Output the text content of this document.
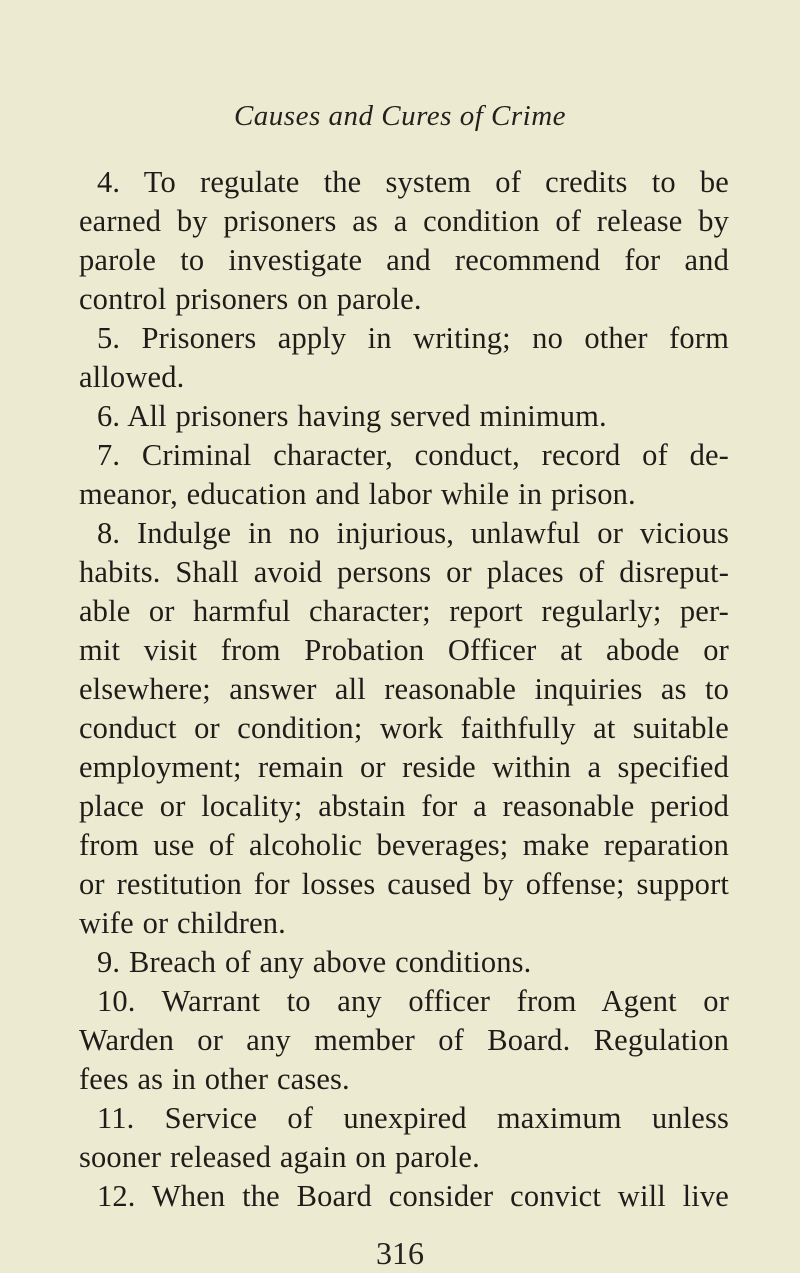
Causes and Cures of Crime
4. To regulate the system of credits to be
earned by prisoners as a condition of release by
parole to investigate and recommend for and
control prisoners on parole.
5. Prisoners apply in writing; no other form
allowed.
6. All prisoners having served minimum.
7. Criminal character, conduct, record of de-
meanor, education and labor while in prison.
8. Indulge in no injurious, unlawful or vicious
habits. Shall avoid persons or places of disreput-
able or harmful character; report regularly; per-
mit visit from Probation Officer at abode or
elsewhere; answer all reasonable inquiries as to
conduct or condition; work faithfully at suitable
employment; remain or reside within a specified
place or locality; abstain for a reasonable period
from use of alcoholic beverages; make reparation
or restitution for losses caused by offense; support
wife or children.
9. Breach of any above conditions.
10. Warrant to any officer from Agent or
Warden or any member of Board. Regulation
fees as in other cases.
11. Service of unexpired maximum unless
sooner released again on parole.
12. When the Board consider convict will live
316
